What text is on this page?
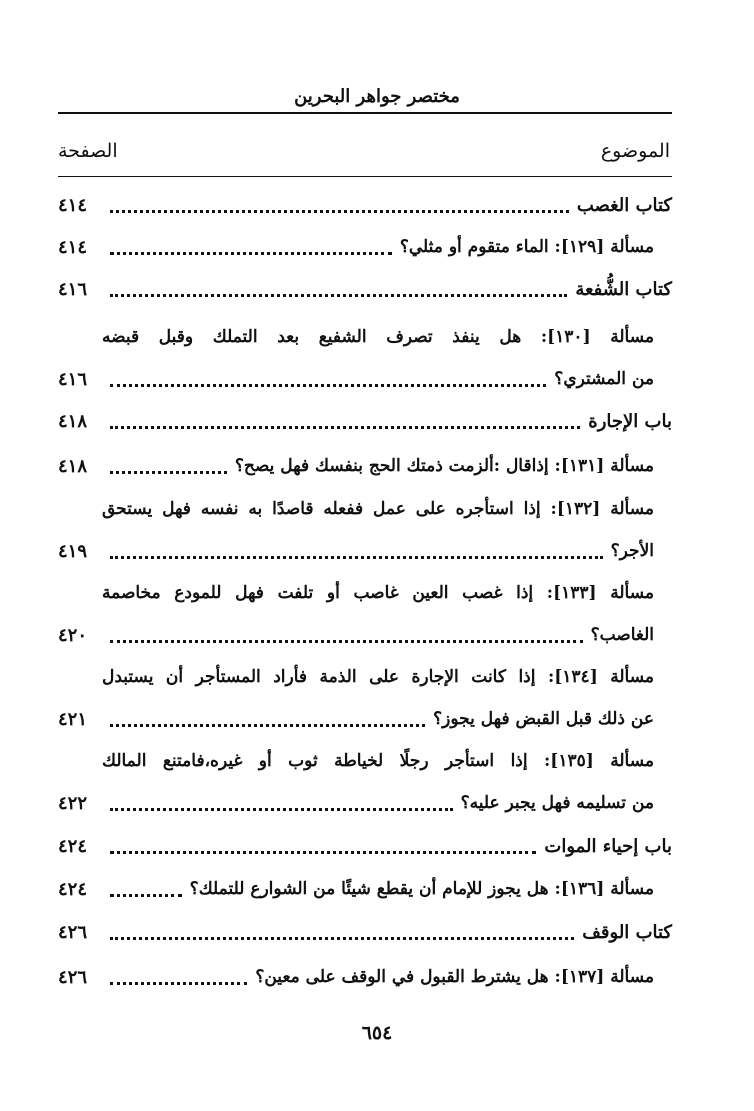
مختصر جواهر البحرين
الموضوع
الصفحة
كتاب الغصب
٤١٤
مسألة [١٢٩]: الماء متقوم أو مثلي؟
٤١٤
كتاب الشُّفعة
٤١٦
مسألة [١٣٠]: هل ينفذ تصرف الشفيع بعد التملك وقبل قبضه
من المشتري؟
٤١٦
باب الإجارة
٤١٨
مسألة [١٣١]: إذاقال :ألزمت ذمتك الحج بنفسك فهل يصح؟
٤١٨
مسألة [١٣٢]: إذا استأجره على عمل ففعله قاصدًا به نفسه فهل يستحق
الأجر؟
٤١٩
مسألة [١٣٣]: إذا غصب العين غاصب أو تلفت فهل للمودع مخاصمة
الغاصب؟
٤٢٠
مسألة [١٣٤]: إذا كانت الإجارة على الذمة فأراد المستأجر أن يستبدل
عن ذلك قبل القبض فهل يجوز؟
٤٢١
مسألة [١٣٥]: إذا استأجر رجلًا لخياطة ثوب أو غيره،فامتنع المالك
من تسليمه فهل يجبر عليه؟
٤٢٢
باب إحياء الموات
٤٢٤
مسألة [١٣٦]: هل يجوز للإمام أن يقطع شيئًا من الشوارع للتملك؟
٤٢٤
كتاب الوقف
٤٢٦
مسألة [١٣٧]: هل يشترط القبول في الوقف على معين؟
٤٢٦
٦٥٤
